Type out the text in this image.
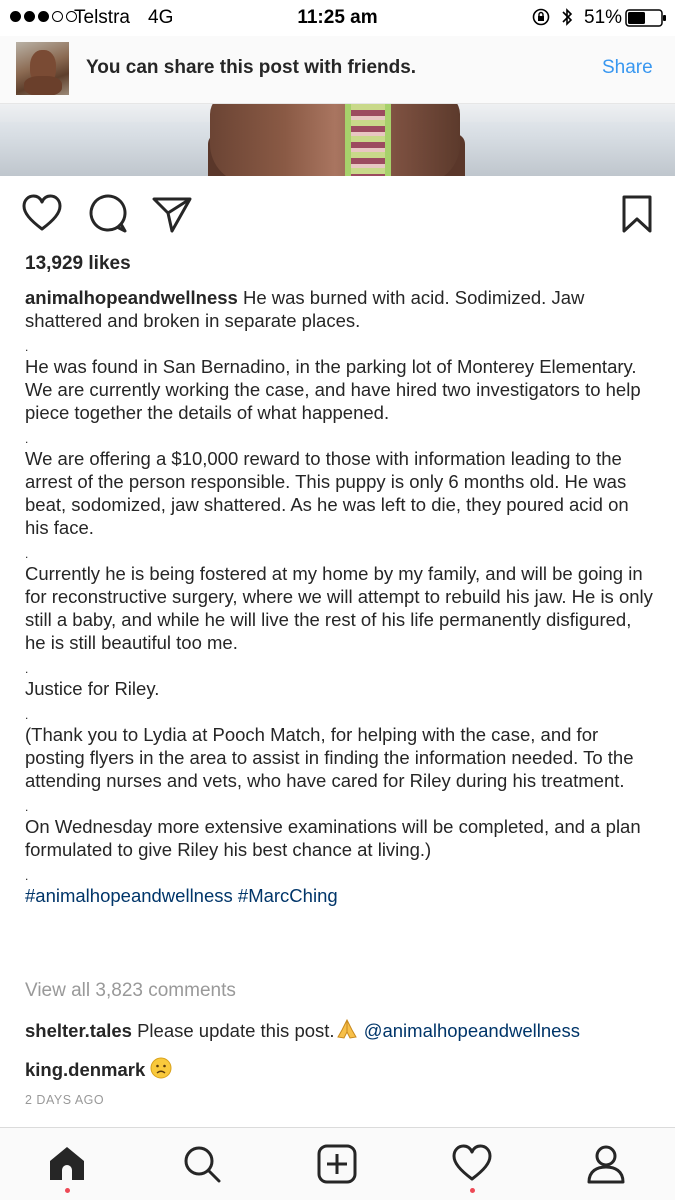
Telstra 4G	11:25 am	51%
You can share this post with friends.	Share
13,929 likes

animalhopeandwellness He was burned with acid. Sodimized. Jaw shattered and broken in separate places.

.

He was found in San Bernadino, in the parking lot of Monterey Elementary. We are currently working the case, and have hired two investigators to help piece together the details of what happened.

.

We are offering a $10,000 reward to those with information leading to the arrest of the person responsible. This puppy is only 6 months old. He was beat, sodomized, jaw shattered. As he was left to die, they poured acid on his face.

.

Currently he is being fostered at my home by my family, and will be going in for reconstructive surgery, where we will attempt to rebuild his jaw. He is only still a baby, and while he will live the rest of his life permanently disfigured, he is still beautiful too me.

.

Justice for Riley.

.

(Thank you to Lydia at Pooch Match, for helping with the case, and for posting flyers in the area to assist in finding the information needed. To the attending nurses and vets, who have cared for Riley during his treatment.

.

On Wednesday more extensive examinations will be completed, and a plan formulated to give Riley his best chance at living.)

.

#animalhopeandwellness #MarcChing

View all 3,823 comments
shelter.tales Please update this post. @animalhopeandwellness
king.denmark
2 DAYS AGO
